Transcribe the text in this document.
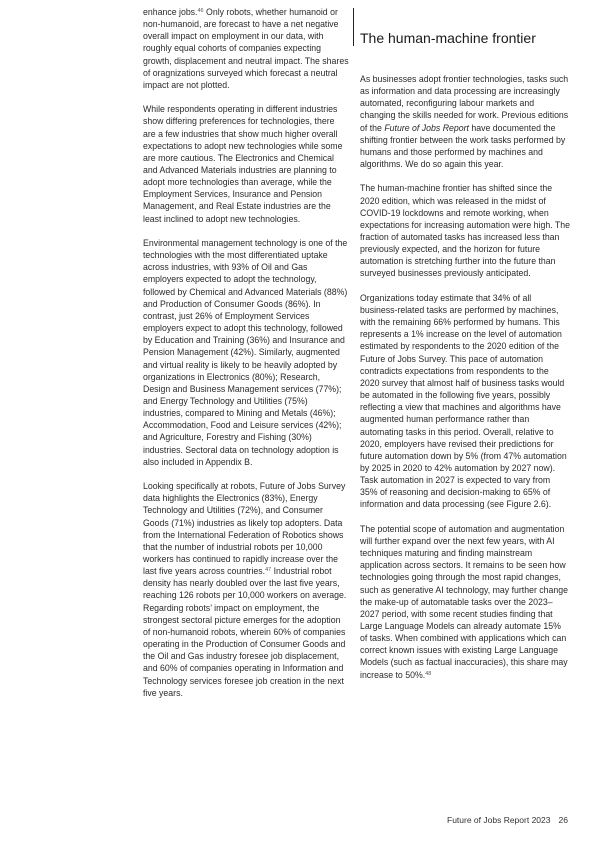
enhance jobs.$^{46}$ Only robots, whether humanoid or non-humanoid, are forecast to have a net negative overall impact on employment in our data, with roughly equal cohorts of companies expecting growth, displacement and neutral impact. The shares of oragnizations surveyed which forecast a neutral impact are not plotted.

While respondents operating in different industries show differing preferences for technologies, there are a few industries that show much higher overall expectations to adopt new technologies while some are more cautious. The Electronics and Chemical and Advanced Materials industries are planning to adopt more technologies than average, while the Employment Services, Insurance and Pension Management, and Real Estate industries are the least inclined to adopt new technologies.

Environmental management technology is one of the technologies with the most differentiated uptake across industries, with 93% of Oil and Gas employers expected to adopt the technology, followed by Chemical and Advanced Materials (88%) and Production of Consumer Goods (86%). In contrast, just 26% of Employment Services employers expect to adopt this technology, followed by Education and Training (36%) and Insurance and Pension Management (42%). Similarly, augmented and virtual reality is likely to be heavily adopted by organizations in Electronics (80%); Research, Design and Business Management services (77%); and Energy Technology and Utilities (75%) industries, compared to Mining and Metals (46%); Accommodation, Food and Leisure services (42%); and Agriculture, Forestry and Fishing (30%) industries. Sectoral data on technology adoption is also included in Appendix B.

Looking specifically at robots, Future of Jobs Survey data highlights the Electronics (83%), Energy Technology and Utilities (72%), and Consumer Goods (71%) industries as likely top adopters. Data from the International Federation of Robotics shows that the number of industrial robots per 10,000 workers has continued to rapidly increase over the last five years across countries.$^{47}$ Industrial robot density has nearly doubled over the last five years, reaching 126 robots per 10,000 workers on average. Regarding robots’ impact on employment, the strongest sectoral picture emerges for the adoption of non-humanoid robots, wherein 60% of companies operating in the Production of Consumer Goods and the Oil and Gas industry foresee job displacement, and 60% of companies operating in Information and Technology services foresee job creation in the next five years.

The human-machine frontier

As businesses adopt frontier technologies, tasks such as information and data processing are increasingly automated, reconfiguring labour markets and changing the skills needed for work. Previous editions of the Future of Jobs Report have documented the shifting frontier between the work tasks performed by humans and those performed by machines and algorithms. We do so again this year.

The human-machine frontier has shifted since the 2020 edition, which was released in the midst of COVID-19 lockdowns and remote working, when expectations for increasing automation were high. The fraction of automated tasks has increased less than previously expected, and the horizon for future automation is stretching further into the future than surveyed businesses previously anticipated.

Organizations today estimate that 34% of all business-related tasks are performed by machines, with the remaining 66% performed by humans. This represents a 1% increase on the level of automation estimated by respondents to the 2020 edition of the Future of Jobs Survey. This pace of automation contradicts expectations from respondents to the 2020 survey that almost half of business tasks would be automated in the following five years, possibly reflecting a view that machines and algorithms have augmented human performance rather than automating tasks in this period. Overall, relative to 2020, employers have revised their predictions for future automation down by 5% (from 47% automation by 2025 in 2020 to 42% automation by 2027 now). Task automation in 2027 is expected to vary from 35% of reasoning and decision-making to 65% of information and data processing (see Figure 2.6).

The potential scope of automation and augmentation will further expand over the next few years, with AI techniques maturing and finding mainstream application across sectors. It remains to be seen how technologies going through the most rapid changes, such as generative AI technology, may further change the make-up of automatable tasks over the 2023–2027 period, with some recent studies finding that Large Language Models can already automate 15% of tasks. When combined with applications which can correct known issues with existing Large Language Models (such as factual inaccuracies), this share may increase to 50%.$^{48}$

Future of Jobs Report 2023 26
